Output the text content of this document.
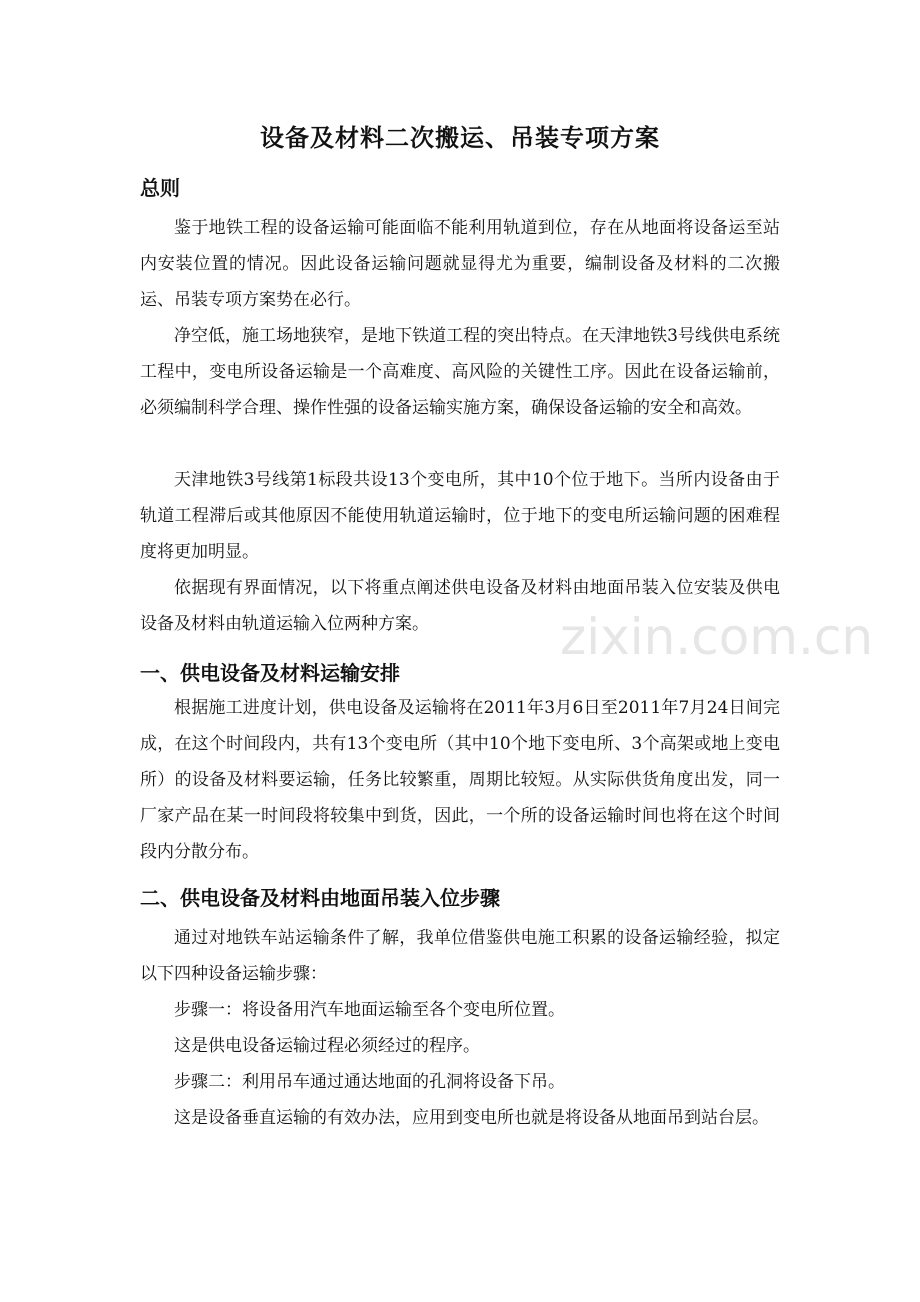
设备及材料二次搬运、吊装专项方案
总则
鉴于地铁工程的设备运输可能面临不能利用轨道到位，存在从地面将设备运至站内安装位置的情况。因此设备运输问题就显得尤为重要，编制设备及材料的二次搬运、吊装专项方案势在必行。
净空低，施工场地狭窄，是地下铁道工程的突出特点。在天津地铁3号线供电系统工程中，变电所设备运输是一个高难度、高风险的关键性工序。因此在设备运输前，必须编制科学合理、操作性强的设备运输实施方案，确保设备运输的安全和高效。
天津地铁3号线第1标段共设13个变电所，其中10个位于地下。当所内设备由于轨道工程滞后或其他原因不能使用轨道运输时，位于地下的变电所运输问题的困难程度将更加明显。
依据现有界面情况，以下将重点阐述供电设备及材料由地面吊装入位安装及供电设备及材料由轨道运输入位两种方案。
一、供电设备及材料运输安排
根据施工进度计划，供电设备及运输将在2011年3月6日至2011年7月24日间完成，在这个时间段内，共有13个变电所（其中10个地下变电所、3个高架或地上变电所）的设备及材料要运输，任务比较繁重，周期比较短。从实际供货角度出发，同一厂家产品在某一时间段将较集中到货，因此，一个所的设备运输时间也将在这个时间段内分散分布。
二、供电设备及材料由地面吊装入位步骤
通过对地铁车站运输条件了解，我单位借鉴供电施工积累的设备运输经验，拟定以下四种设备运输步骤：
步骤一：将设备用汽车地面运输至各个变电所位置。
这是供电设备运输过程必须经过的程序。
步骤二：利用吊车通过通达地面的孔洞将设备下吊。
这是设备垂直运输的有效办法，应用到变电所也就是将设备从地面吊到站台层。
zixin.com.cn
